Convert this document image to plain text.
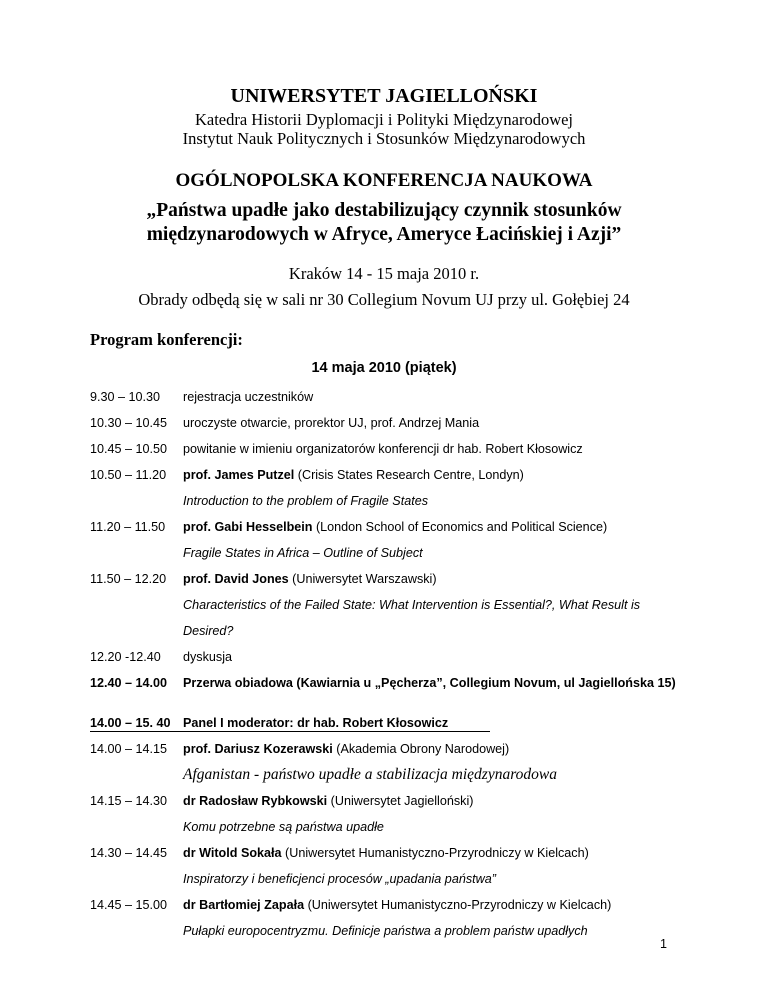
UNIWERSYTET JAGIELLOŃSKI
Katedra Historii Dyplomacji i Polityki Międzynarodowej
Instytut Nauk Politycznych i Stosunków Międzynarodowych
OGÓLNOPOLSKA KONFERENCJA NAUKOWA
„Państwa upadłe jako destabilizujący czynnik stosunków
międzynarodowych w Afryce, Ameryce Łacińskiej i Azji”
Kraków 14 - 15 maja 2010 r.
Obrady odbędą się w sali nr 30 Collegium Novum UJ przy ul. Gołębiej 24
Program konferencji:
14 maja 2010 (piątek)
9.30 – 10.30 rejestracja uczestników
10.30 – 10.45 uroczyste otwarcie, prorektor UJ, prof. Andrzej Mania
10.45 – 10.50 powitanie w imieniu organizatorów konferencji dr hab. Robert Kłosowicz
10.50 – 11.20 prof. James Putzel (Crisis States Research Centre, Londyn)
Introduction to the problem of Fragile States
11.20 – 11.50 prof. Gabi Hesselbein (London School of Economics and Political Science)
Fragile States in Africa – Outline of Subject
11.50 – 12.20 prof. David Jones (Uniwersytet Warszawski)
Characteristics of the Failed State: What Intervention is Essential?, What Result is
Desired?
12.20 -12.40 dyskusja
12.40 – 14.00 Przerwa obiadowa (Kawiarnia u „Pęcherza”, Collegium Novum, ul Jagiellońska 15)
14.00 – 15. 40 Panel I moderator: dr hab. Robert Kłosowicz
14.00 – 14.15 prof. Dariusz Kozerawski (Akademia Obrony Narodowej)
Afganistan - państwo upadłe a stabilizacja międzynarodowa
14.15 – 14.30 dr Radosław Rybkowski (Uniwersytet Jagielloński)
Komu potrzebne są państwa upadłe
14.30 – 14.45 dr Witold Sokała (Uniwersytet Humanistyczno-Przyrodniczy w Kielcach)
Inspiratorzy i beneficjenci procesów „upadania państwa”
14.45 – 15.00 dr Bartłomiej Zapała (Uniwersytet Humanistyczno-Przyrodniczy w Kielcach)
Pułapki europocentryzmu. Definicje państwa a problem państw upadłych
1
